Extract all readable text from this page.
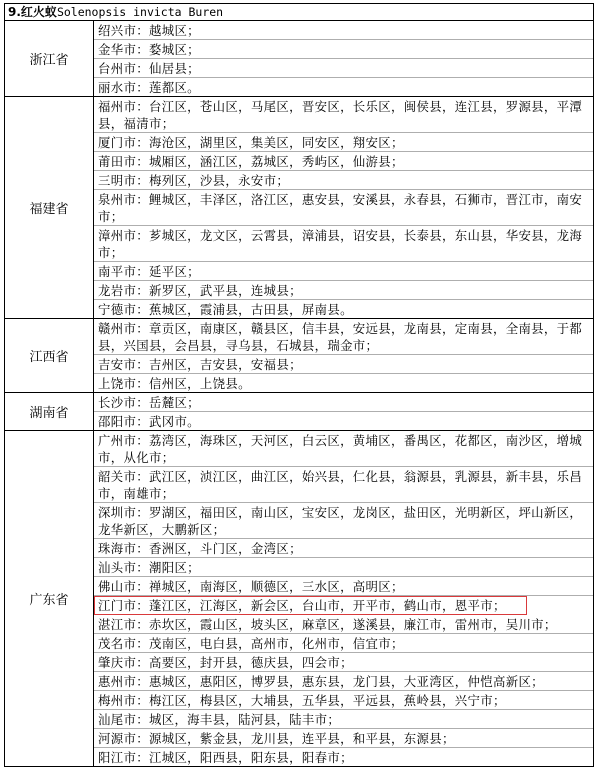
9.红火蚁Solenopsis invicta Buren
浙江省
绍兴市：越城区；
金华市：婺城区；
台州市：仙居县；
丽水市：莲都区。
福建省
福州市：台江区，苍山区，马尾区，晋安区，长乐区，闽侯县，连江县，罗源县，平潭县，福清市；
厦门市：海沧区，湖里区，集美区，同安区，翔安区；
莆田市：城厢区，涵江区，荔城区，秀屿区，仙游县；
三明市：梅列区，沙县，永安市；
泉州市：鲤城区，丰泽区，洛江区，惠安县，安溪县，永春县，石狮市，晋江市，南安市；
漳州市：芗城区，龙文区，云霄县，漳浦县，诏安县，长泰县，东山县，华安县，龙海市；
南平市：延平区；
龙岩市：新罗区，武平县，连城县；
宁德市：蕉城区，霞浦县，古田县，屏南县。
江西省
赣州市：章贡区，南康区，赣县区，信丰县，安远县，龙南县，定南县，全南县，于都县，兴国县，会昌县，寻乌县，石城县，瑞金市；
吉安市：吉州区，吉安县，安福县；
上饶市：信州区，上饶县。
湖南省
长沙市：岳麓区；
邵阳市：武冈市。
广东省
广州市：荔湾区，海珠区，天河区，白云区，黄埔区，番禺区，花都区，南沙区，增城市，从化市；
韶关市：武江区，浈江区，曲江区，始兴县，仁化县，翁源县，乳源县，新丰县，乐昌市，南雄市；
深圳市：罗湖区，福田区，南山区，宝安区，龙岗区，盐田区，光明新区，坪山新区，龙华新区，大鹏新区；
珠海市：香洲区，斗门区，金湾区；
汕头市：潮阳区；
佛山市：禅城区，南海区，顺德区，三水区，高明区；
江门市：蓬江区，江海区，新会区，台山市，开平市，鹤山市，恩平市；
湛江市：赤坎区，霞山区，坡头区，麻章区，遂溪县，廉江市，雷州市，吴川市；
茂名市：茂南区，电白县，高州市，化州市，信宜市；
肇庆市：高要区，封开县，德庆县，四会市；
惠州市：惠城区，惠阳区，博罗县，惠东县，龙门县，大亚湾区，仲恺高新区；
梅州市：梅江区，梅县区，大埔县，五华县，平远县，蕉岭县，兴宁市；
汕尾市：城区，海丰县，陆河县，陆丰市；
河源市：源城区，紫金县，龙川县，连平县，和平县，东源县；
阳江市：江城区，阳西县，阳东县，阳春市；
